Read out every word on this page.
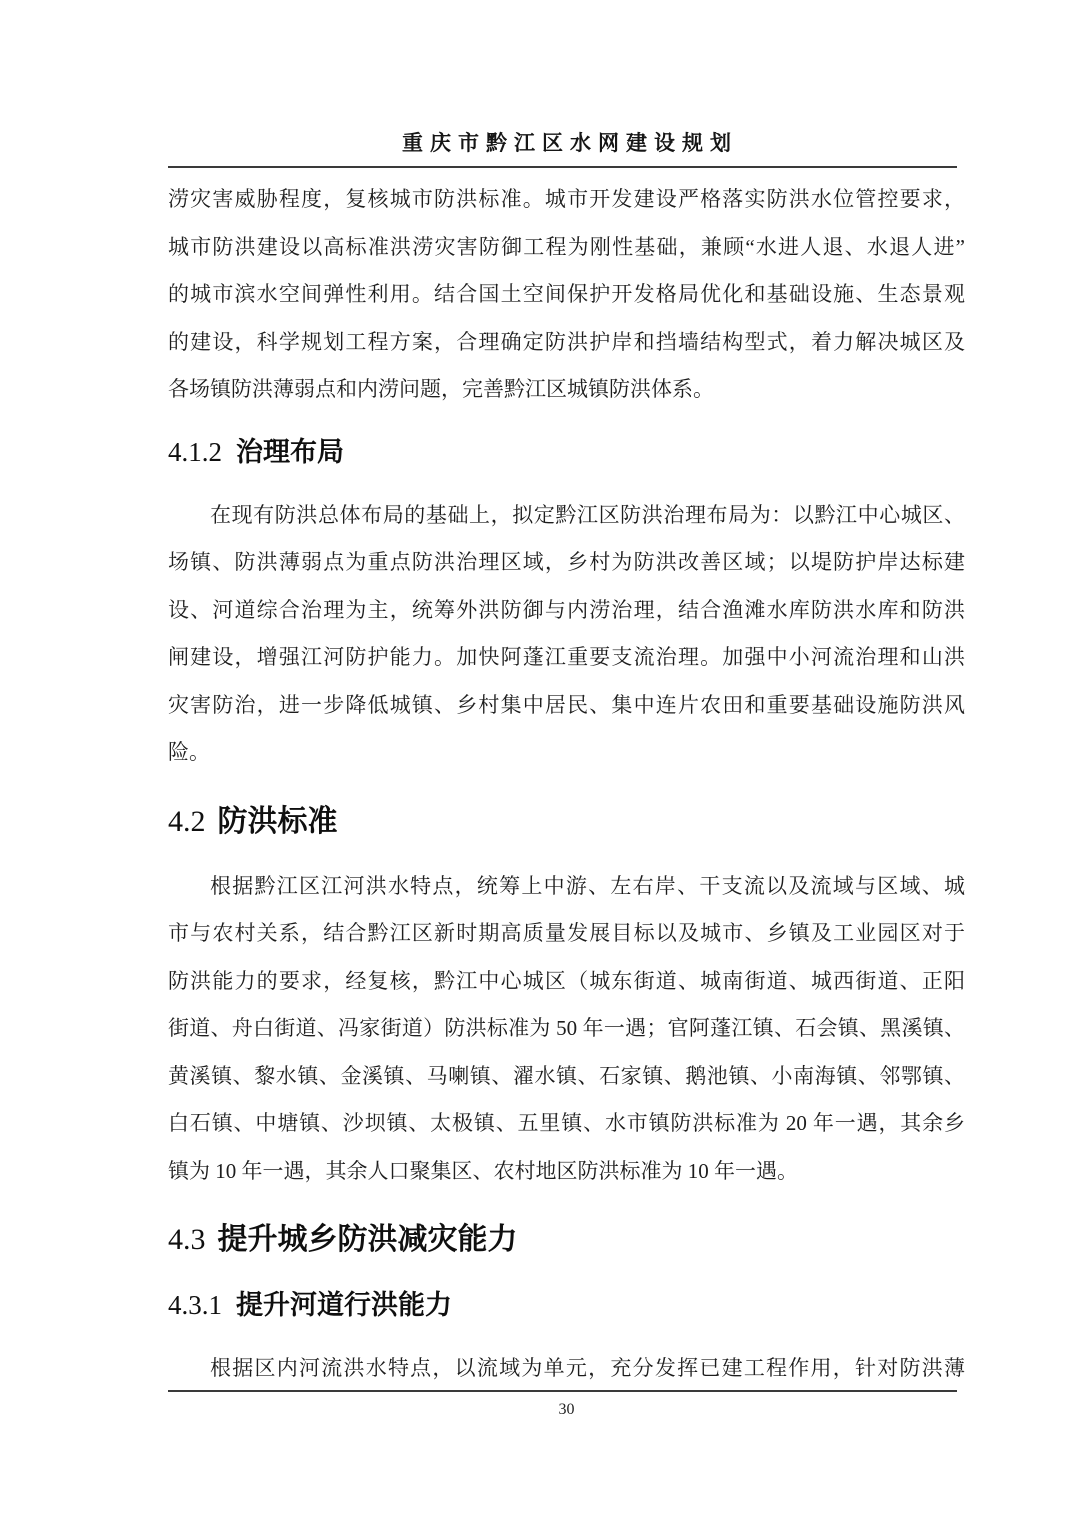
重庆市黔江区水网建设规划
涝灾害威胁程度，复核城市防洪标准。城市开发建设严格落实防洪水位管控要求，
城市防洪建设以高标准洪涝灾害防御工程为刚性基础，兼顾“水进人退、水退人进”
的城市滨水空间弹性利用。结合国土空间保护开发格局优化和基础设施、生态景观
的建设，科学规划工程方案，合理确定防洪护岸和挡墙结构型式，着力解决城区及
各场镇防洪薄弱点和内涝问题，完善黔江区城镇防洪体系。
4.1.2 治理布局
在现有防洪总体布局的基础上，拟定黔江区防洪治理布局为：以黔江中心城区、
场镇、防洪薄弱点为重点防洪治理区域，乡村为防洪改善区域；以堤防护岸达标建
设、河道综合治理为主，统筹外洪防御与内涝治理，结合渔滩水库防洪水库和防洪
闸建设，增强江河防护能力。加快阿蓬江重要支流治理。加强中小河流治理和山洪
灾害防治，进一步降低城镇、乡村集中居民、集中连片农田和重要基础设施防洪风
险。
4.2 防洪标准
根据黔江区江河洪水特点，统筹上中游、左右岸、干支流以及流域与区域、城
市与农村关系，结合黔江区新时期高质量发展目标以及城市、乡镇及工业园区对于
防洪能力的要求，经复核，黔江中心城区（城东街道、城南街道、城西街道、正阳
街道、舟白街道、冯家街道）防洪标准为 50 年一遇；官阿蓬江镇、石会镇、黑溪镇、
黄溪镇、黎水镇、金溪镇、马喇镇、濯水镇、石家镇、鹅池镇、小南海镇、邻鄂镇、
白石镇、中塘镇、沙坝镇、太极镇、五里镇、水市镇防洪标准为 20 年一遇，其余乡
镇为 10 年一遇，其余人口聚集区、农村地区防洪标准为 10 年一遇。
4.3 提升城乡防洪减灾能力
4.3.1 提升河道行洪能力
根据区内河流洪水特点，以流域为单元，充分发挥已建工程作用，针对防洪薄
30
